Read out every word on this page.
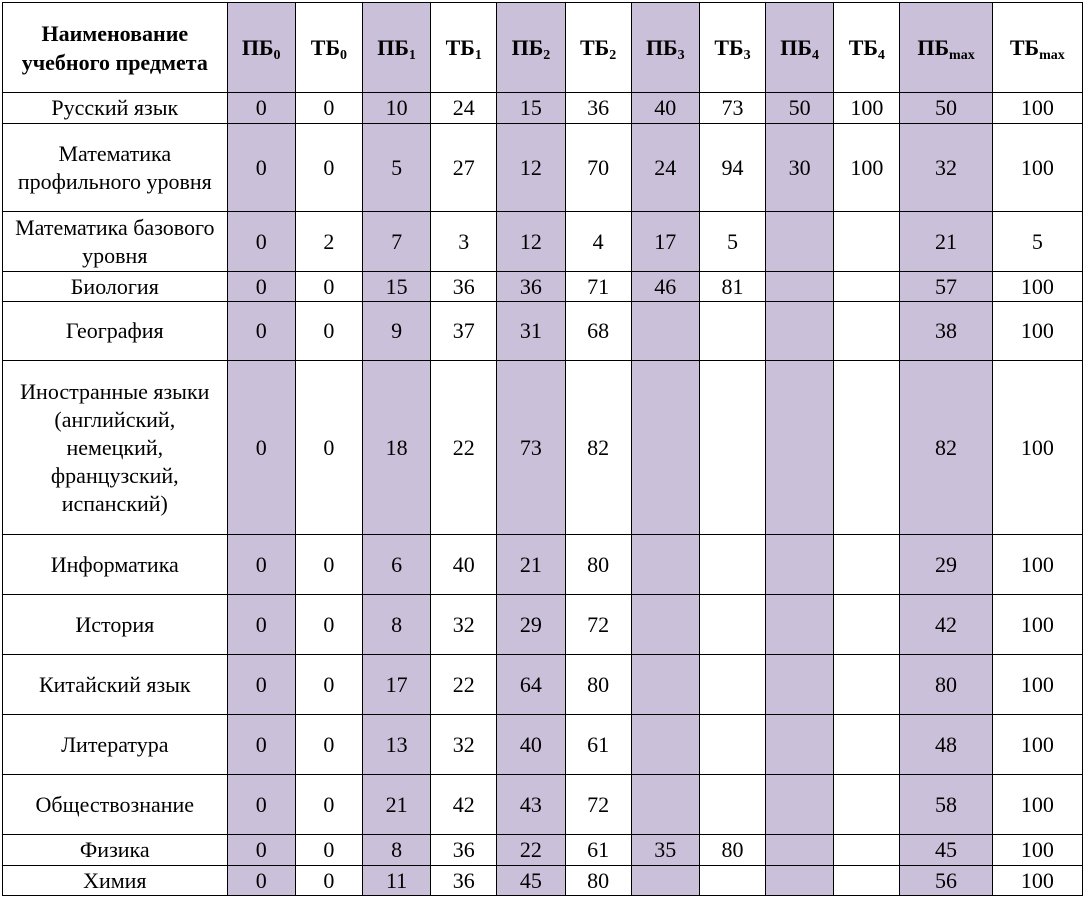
Наименование учебного предмета	$ПБ_0$	$ТБ_0$	$ПБ_1$	$ТБ_1$	$ПБ_2$	$ТБ_2$	$ПБ_3$	$ТБ_3$	$ПБ_4$	$ТБ_4$	$ПБ_{max}$	$ТБ_{max}$
Русский язык	0	0	10	24	15	36	40	73	50	100	50	100
Математика профильного уровня	0	0	5	27	12	70	24	94	30	100	32	100
Математика базового уровня	0	2	7	3	12	4	17	5			21	5
Биология	0	0	15	36	36	71	46	81			57	100
География	0	0	9	37	31	68					38	100
Иностранные языки (английский, немецкий, французский, испанский)	0	0	18	22	73	82					82	100
Информатика	0	0	6	40	21	80					29	100
История	0	0	8	32	29	72					42	100
Китайский язык	0	0	17	22	64	80					80	100
Литература	0	0	13	32	40	61					48	100
Обществознание	0	0	21	42	43	72					58	100
Физика	0	0	8	36	22	61	35	80			45	100
Химия	0	0	11	36	45	80					56	100
